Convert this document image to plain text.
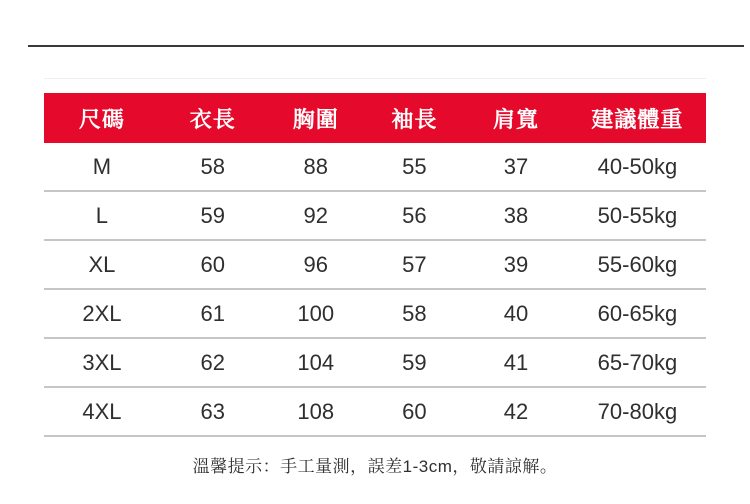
尺碼	衣長	胸圍	袖長	肩寬	建議體重
M	58	88	55	37	40-50kg
L	59	92	56	38	50-55kg
XL	60	96	57	39	55-60kg
2XL	61	100	58	40	60-65kg
3XL	62	104	59	41	65-70kg
4XL	63	108	60	42	70-80kg
溫馨提示：手工量測，誤差1-3cm，敬請諒解。
